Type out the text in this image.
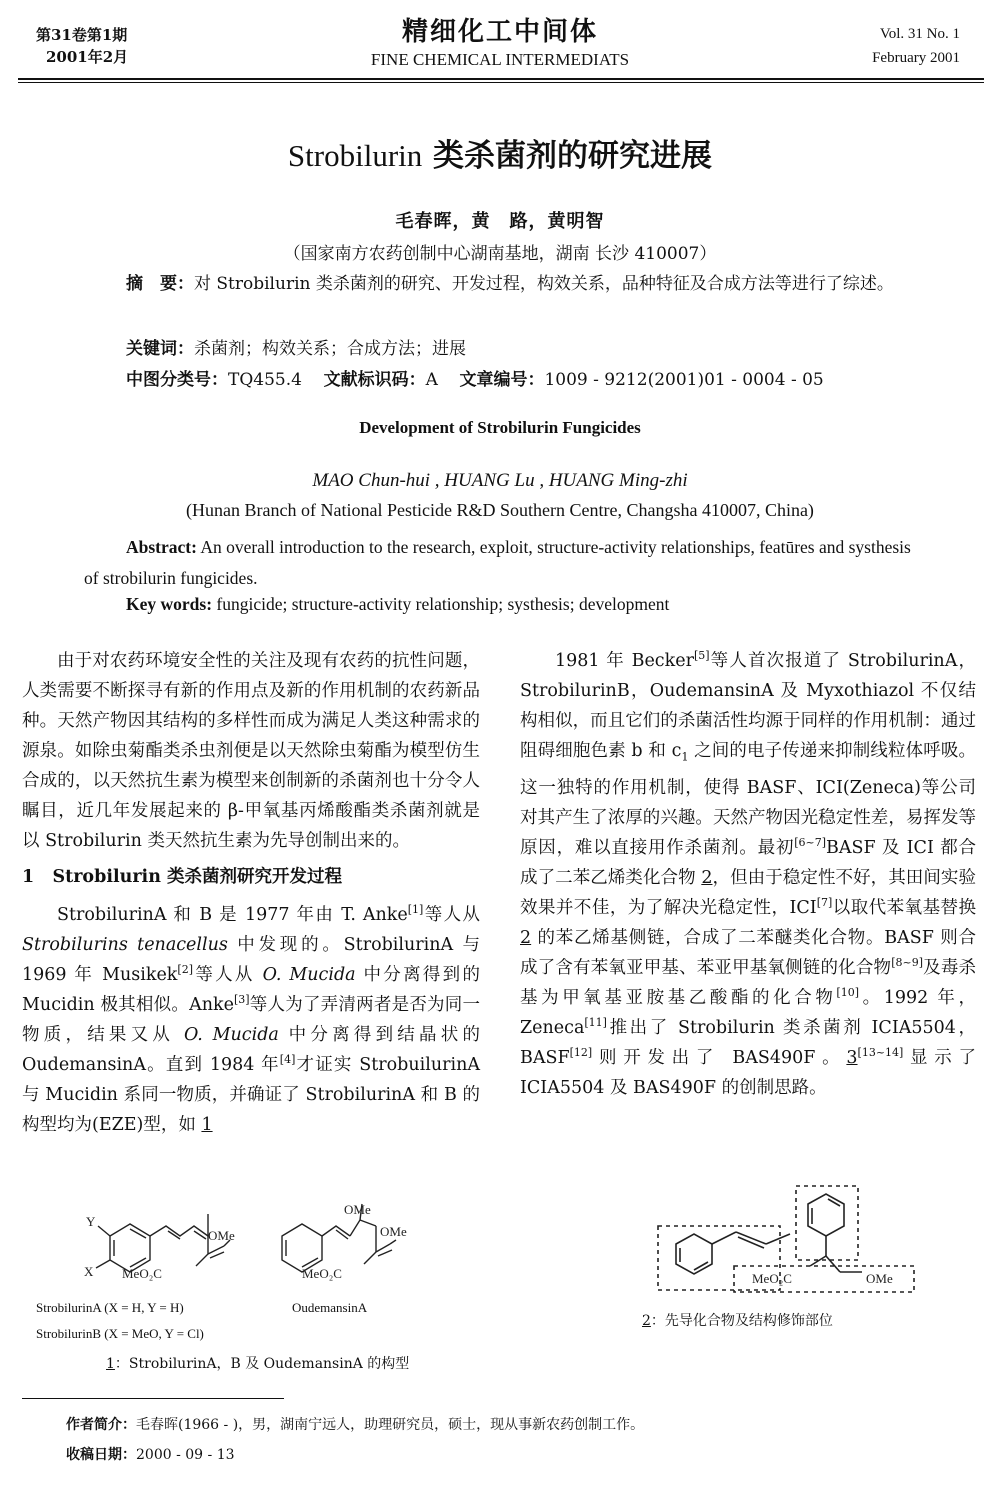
第31卷第1期
2001年2月
精细化工中间体
FINE CHEMICAL INTERMEDIATS
Vol. 31 No. 1
February 2001
Strobilurin 类杀菌剂的研究进展
毛春晖，黄　路，黄明智
（国家南方农药创制中心湖南基地，湖南 长沙 410007）
摘　要：对 Strobilurin 类杀菌剂的研究、开发过程，构效关系，品种特征及合成方法等进行了综述。
关键词：杀菌剂；构效关系；合成方法；进展
中图分类号：TQ455.4 文献标识码：A 文章编号：1009 - 9212(2001)01 - 0004 - 05
Development of Strobilurin Fungicides
MAO Chun-hui , HUANG Lu , HUANG Ming-zhi
(Hunan Branch of National Pesticide R&D Southern Centre, Changsha 410007, China)
Abstract: An overall introduction to the research, exploit, structure-activity relationships, featūres and systhesis of strobilurin fungicides.
Key words: fungicide; structure-activity relationship; systhesis; development

由于对农药环境安全性的关注及现有农药的抗性问题，人类需要不断探寻有新的作用点及新的作用机制的农药新品种。天然产物因其结构的多样性而成为满足人类这种需求的源泉。如除虫菊酯类杀虫剂便是以天然除虫菊酯为模型仿生合成的，以天然抗生素为模型来创制新的杀菌剂也十分令人瞩目，近几年发展起来的 β-甲氧基丙烯酸酯类杀菌剂就是以 Strobilurin 类天然抗生素为先导创制出来的。

1 Strobilurin 类杀菌剂研究开发过程

StrobilurinA 和 B 是 1977 年由 T. Anke[1]等人从 Strobilurins tenacellus 中发现的。StrobilurinA 与 1969 年 Musikek[2]等人从 O. Mucida 中分离得到的 Mucidin 极其相似。Anke[3]等人为了弄清两者是否为同一物质，结果又从 O. Mucida 中分离得到结晶状的 OudemansinA。直到 1984 年[4]才证实 StrobuilurinA 与 Mucidin 系同一物质，并确证了 StrobilurinA 和 B 的构型均为(EZE)型，如 1

1981 年 Becker[5]等人首次报道了 StrobilurinA，StrobilurinB，OudemansinA 及 Myxothiazol 不仅结构相似，而且它们的杀菌活性均源于同样的作用机制：通过阻碍细胞色素 b 和 $c_1$ 之间的电子传递来抑制线粒体呼吸。这一独特的作用机制，使得 BASF、ICI(Zeneca)等公司对其产生了浓厚的兴趣。天然产物因光稳定性差，易挥发等原因，难以直接用作杀菌剂。最初[6~7]BASF 及 ICI 都合成了二苯乙烯类化合物 2，但由于稳定性不好，其田间实验效果并不佳，为了解决光稳定性，ICI[7]以取代苯氧基替换 2 的苯乙烯基侧链，合成了二苯醚类化合物。BASF 则合成了含有苯氧亚甲基、苯亚甲基氧侧链的化合物[8~9]及毒杀基为甲氧基亚胺基乙酸酯的化合物[10]。1992 年，Zeneca[11]推出了 Strobilurin 类杀菌剂 ICIA5504，BASF[12]则开发出了 BAS490F。3[13~14]显示了 ICIA5504 及 BAS490F 的创制思路。

Y
X
OMe
MeO₂C
OMe
OMe
MeO₂C
StrobilurinA (X = H, Y = H)	OudemansinA
StrobilurinB (X = MeO, Y = Cl)
1：StrobilurinA，B 及 OudemansinA 的构型
MeO₂C	OMe
2：先导化合物及结构修饰部位
作者简介：毛春晖(1966 - )，男，湖南宁远人，助理研究员，硕士，现从事新农药创制工作。
收稿日期：2000 - 09 - 13
